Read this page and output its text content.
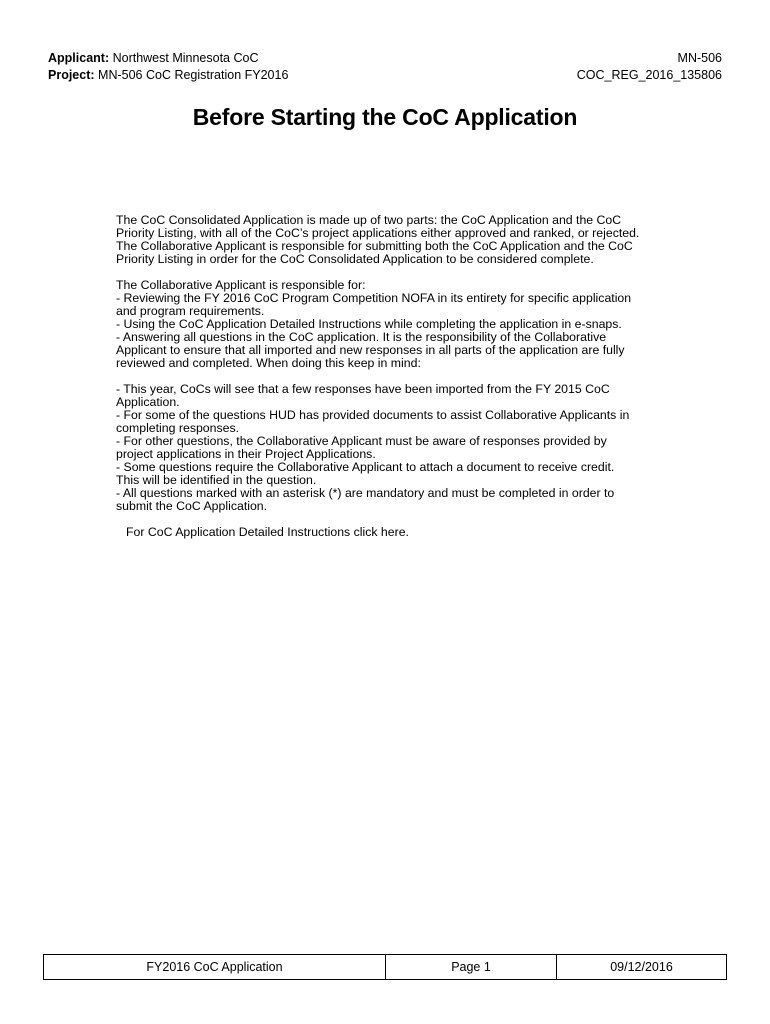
Applicant: Northwest Minnesota CoC	MN-506
Project: MN-506 CoC Registration FY2016	COC_REG_2016_135806
Before Starting the CoC Application

The CoC Consolidated Application is made up of two parts: the CoC Application and the CoC

Priority Listing, with all of the CoC’s project applications either approved and ranked, or rejected.

The Collaborative Applicant is responsible for submitting both the CoC Application and the CoC

Priority Listing in order for the CoC Consolidated Application to be considered complete.

The Collaborative Applicant is responsible for:

- Reviewing the FY 2016 CoC Program Competition NOFA in its entirety for specific application

and program requirements.

- Using the CoC Application Detailed Instructions while completing the application in e-snaps.

- Answering all questions in the CoC application. It is the responsibility of the Collaborative

Applicant to ensure that all imported and new responses in all parts of the application are fully

reviewed and completed. When doing this keep in mind:

- This year, CoCs will see that a few responses have been imported from the FY 2015 CoC

Application.

- For some of the questions HUD has provided documents to assist Collaborative Applicants in

completing responses.

- For other questions, the Collaborative Applicant must be aware of responses provided by

project applications in their Project Applications.

- Some questions require the Collaborative Applicant to attach a document to receive credit.

This will be identified in the question.

- All questions marked with an asterisk (*) are mandatory and must be completed in order to

submit the CoC Application.

For CoC Application Detailed Instructions click here.

FY2016 CoC Application	Page 1	09/12/2016
